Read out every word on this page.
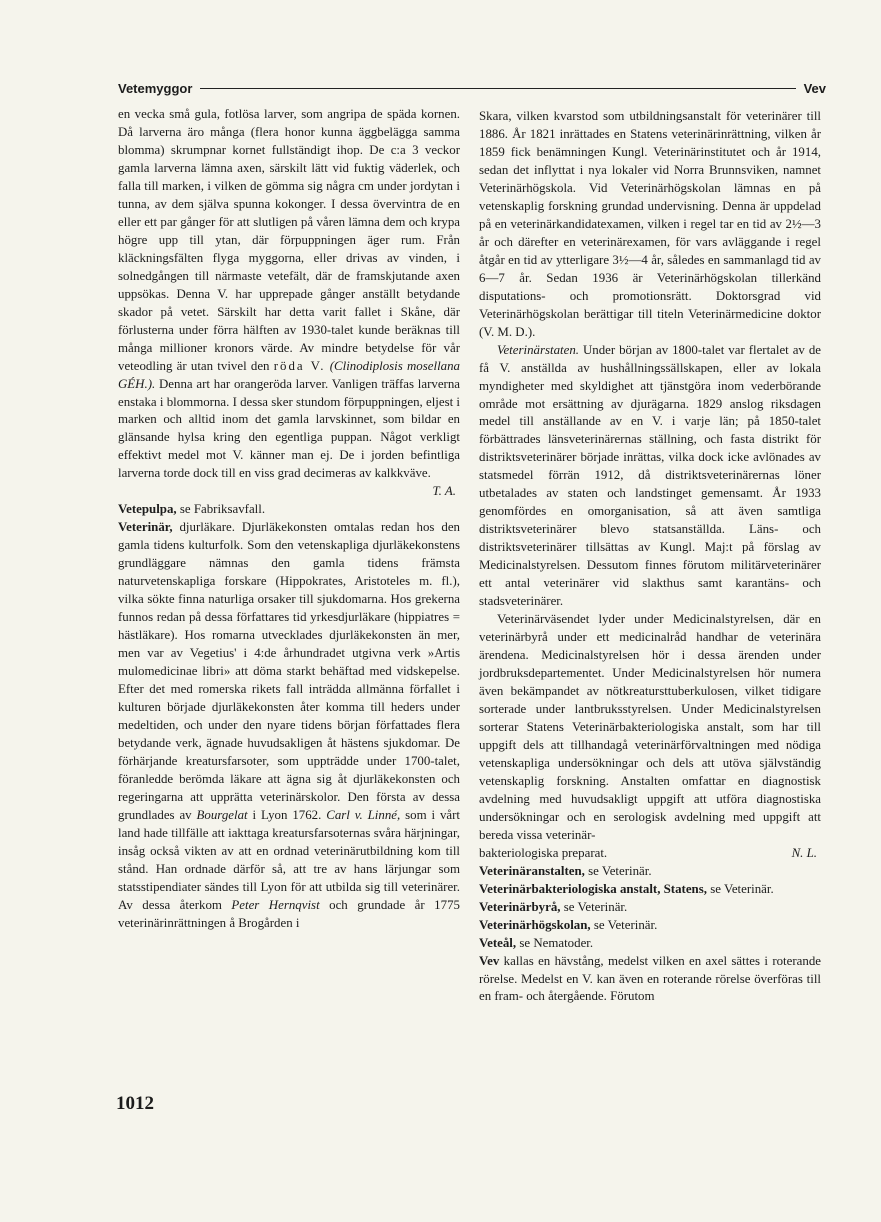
Vetemyggor	Vev

en vecka små gula, fotlösa larver, som angripa de späda kornen. Då larverna äro många (flera honor kunna äggbelägga samma blomma) skrumpnar kornet fullständigt ihop. De c:a 3 veckor gamla larverna lämna axen, särskilt lätt vid fuktig väderlek, och falla till marken, i vilken de gömma sig några cm under jordytan i tunna, av dem själva spunna kokonger. I dessa övervintra de en eller ett par gånger för att slutligen på våren lämna dem och krypa högre upp till ytan, där förpuppningen äger rum. Från kläckningsfälten flyga myggorna, eller drivas av vinden, i solnedgången till närmaste vetefält, där de framskjutande axen uppsökas. Denna V. har upprepade gånger anställt betydande skador på vetet. Särskilt har detta varit fallet i Skåne, där förlusterna under förra hälften av 1930-talet kunde beräknas till många millioner kronors värde. Av mindre betydelse för vår veteodling är utan tvivel den röda V. (Clinodiplosis mosellana GÉH.). Denna art har orangeröda larver. Vanligen träffas larverna enstaka i blommorna. I dessa sker stundom förpuppningen, eljest i marken och alltid inom det gamla larvskinnet, som bildar en glänsande hylsa kring den egentliga puppan. Något verkligt effektivt medel mot V. känner man ej. De i jorden befintliga larverna torde dock till en viss grad decimeras av kalkkväve.

T. A.

Vetepulpa, se Fabriksavfall.

Veterinär, djurläkare. Djurläkekonsten omtalas redan hos den gamla tidens kulturfolk. Som den vetenskapliga djurläkekonstens grundläggare nämnas den gamla tidens främsta naturvetenskapliga forskare (Hippokrates, Aristoteles m. fl.), vilka sökte finna naturliga orsaker till sjukdomarna. Hos grekerna funnos redan på dessa författares tid yrkesdjurläkare (hippiatres = hästläkare). Hos romarna utvecklades djurläkekonsten än mer, men var av Vegetius' i 4:de århundradet utgivna verk »Artis mulomedicinae libri» att döma starkt behäftad med vidskepelse. Efter det med romerska rikets fall inträdda allmänna förfallet i kulturen började djurläkekonsten åter komma till heders under medeltiden, och under den nyare tidens början författades flera betydande verk, ägnade huvudsakligen åt hästens sjukdomar. De förhärjande kreatursfarsoter, som uppträdde under 1700-talet, föranledde berömda läkare att ägna sig åt djurläkekonsten och regeringarna att upprätta veterinärskolor. Den första av dessa grundlades av Bourgelat i Lyon 1762. Carl v. Linné, som i vårt land hade tillfälle att iakttaga kreatursfarsoternas svåra härjningar, insåg också vikten av att en ordnad veterinärutbildning kom till stånd. Han ordnade därför så, att tre av hans lärjungar som statsstipendiater sändes till Lyon för att utbilda sig till veterinärer. Av dessa återkom Peter Hernqvist och grundade år 1775 veterinärinrättningen å Brogården i

Skara, vilken kvarstod som utbildningsanstalt för veterinärer till 1886. År 1821 inrättades en Statens veterinärinrättning, vilken år 1859 fick benämningen Kungl. Veterinärinstitutet och år 1914, sedan det inflyttat i nya lokaler vid Norra Brunnsviken, namnet Veterinärhögskola. Vid Veterinärhögskolan lämnas en på vetenskaplig forskning grundad undervisning. Denna är uppdelad på en veterinärkandidatexamen, vilken i regel tar en tid av 2½—3 år och därefter en veterinärexamen, för vars avläggande i regel åtgår en tid av ytterligare 3½—4 år, således en sammanlagd tid av 6—7 år. Sedan 1936 är Veterinärhögskolan tillerkänd disputations- och promotionsrätt. Doktorsgrad vid Veterinärhögskolan berättigar till titeln Veterinärmedicine doktor (V. M. D.).

Veterinärstaten. Under början av 1800-talet var flertalet av de få V. anställda av hushållningssällskapen, eller av lokala myndigheter med skyldighet att tjänstgöra inom vederbörande område mot ersättning av djurägarna. 1829 anslog riksdagen medel till anställande av en V. i varje län; på 1850-talet förbättrades länsveterinärernas ställning, och fasta distrikt för distriktsveterinärer började inrättas, vilka dock icke avlönades av statsmedel förrän 1912, då distriktsveterinärernas löner utbetalades av staten och landstinget gemensamt. År 1933 genomfördes en omorganisation, så att även samtliga distriktsveterinärer blevo statsanställda. Läns- och distriktsveterinärer tillsättas av Kungl. Maj:t på förslag av Medicinalstyrelsen. Dessutom finnes förutom militärveterinärer ett antal veterinärer vid slakthus samt karantäns- och stadsveterinärer.

Veterinärväsendet lyder under Medicinalstyrelsen, där en veterinärbyrå under ett medicinalråd handhar de veterinära ärendena. Medicinalstyrelsen hör i dessa ärenden under jordbruksdepartementet. Under Medicinalstyrelsen hör numera även bekämpandet av nötkreatursttuberkulosen, vilket tidigare sorterade under lantbruksstyrelsen. Under Medicinalstyrelsen sorterar Statens Veterinärbakteriologiska anstalt, som har till uppgift dels att tillhandagå veterinärförvaltningen med nödiga vetenskapliga undersökningar och dels att utöva självständig vetenskaplig forskning. Anstalten omfattar en diagnostisk avdelning med huvudsakligt uppgift att utföra diagnostiska undersökningar och en serologisk avdelning med uppgift att bereda vissa veterinär-

bakteriologiska preparat.	N. L.

Veterinäranstalten, se Veterinär.

Veterinärbakteriologiska anstalt, Statens, se Veterinär.

Veterinärbyrå, se Veterinär.

Veterinärhögskolan, se Veterinär.

Veteål, se Nematoder.

Vev kallas en hävstång, medelst vilken en axel sättes i roterande rörelse. Medelst en V. kan även en roterande rörelse överföras till en fram- och återgående. Förutom

1012
